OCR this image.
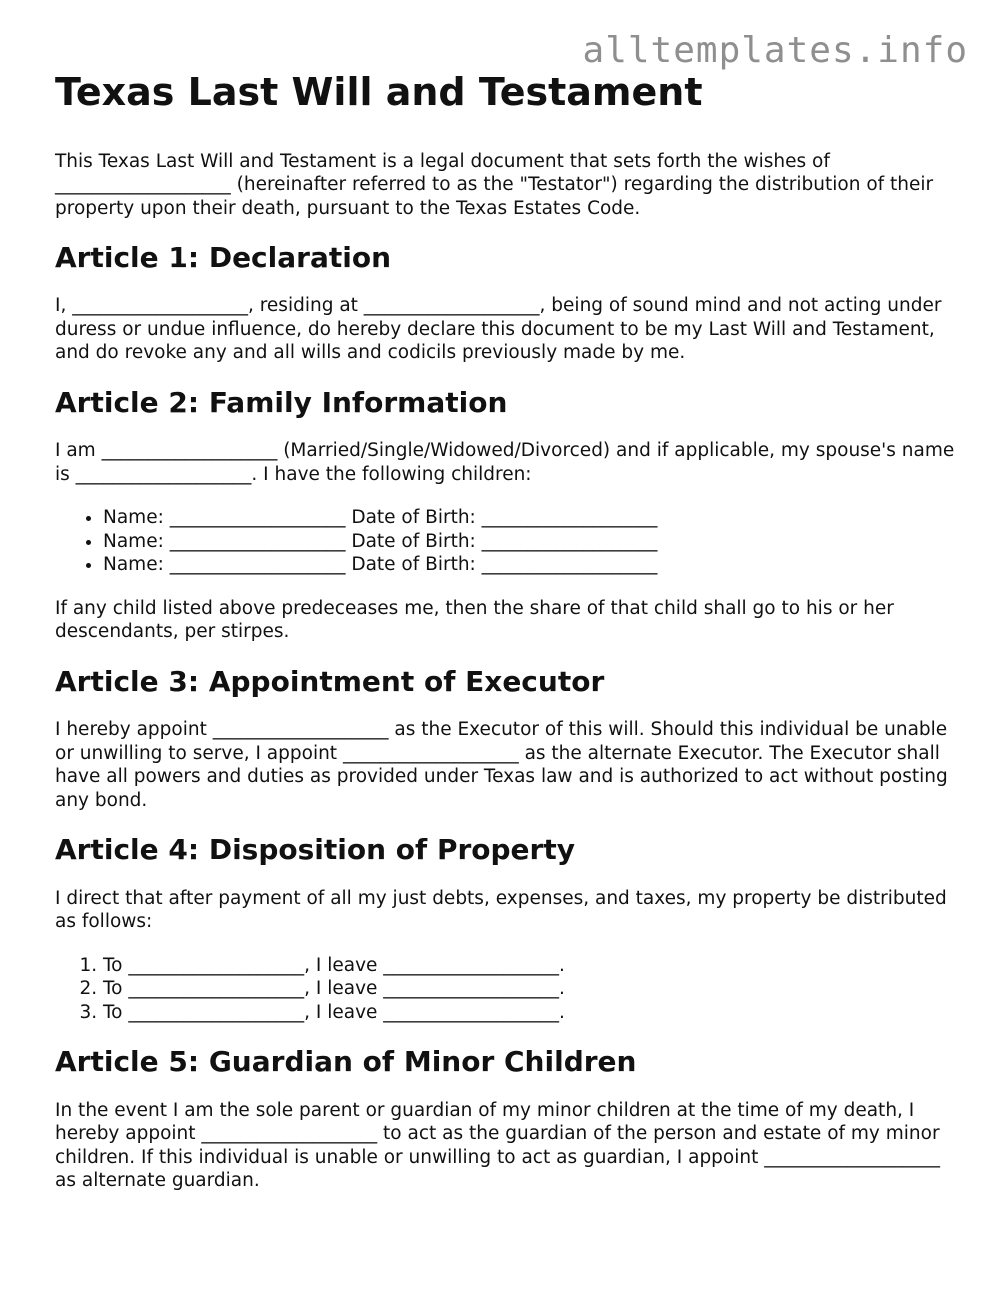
alltemplates.info
Texas Last Will and Testament

This Texas Last Will and Testament is a legal document that sets forth the wishes of ___________________ (hereinafter referred to as the "Testator") regarding the distribution of their property upon their death, pursuant to the Texas Estates Code.

Article 1: Declaration

I, ___________________, residing at ___________________, being of sound mind and not acting under duress or undue influence, do hereby declare this document to be my Last Will and Testament, and do revoke any and all wills and codicils previously made by me.

Article 2: Family Information

I am ___________________ (Married/Single/Widowed/Divorced) and if applicable, my spouse's name is ___________________. I have the following children:

• Name: ___________________ Date of Birth: ___________________
• Name: ___________________ Date of Birth: ___________________
• Name: ___________________ Date of Birth: ___________________

If any child listed above predeceases me, then the share of that child shall go to his or her descendants, per stirpes.

Article 3: Appointment of Executor

I hereby appoint ___________________ as the Executor of this will. Should this individual be unable or unwilling to serve, I appoint ___________________ as the alternate Executor. The Executor shall have all powers and duties as provided under Texas law and is authorized to act without posting any bond.

Article 4: Disposition of Property

I direct that after payment of all my just debts, expenses, and taxes, my property be distributed as follows:

1. To ___________________, I leave ___________________.
2. To ___________________, I leave ___________________.
3. To ___________________, I leave ___________________.
Article 5: Guardian of Minor Children

In the event I am the sole parent or guardian of my minor children at the time of my death, I hereby appoint ___________________ to act as the guardian of the person and estate of my minor children. If this individual is unable or unwilling to act as guardian, I appoint ___________________ as alternate guardian.
